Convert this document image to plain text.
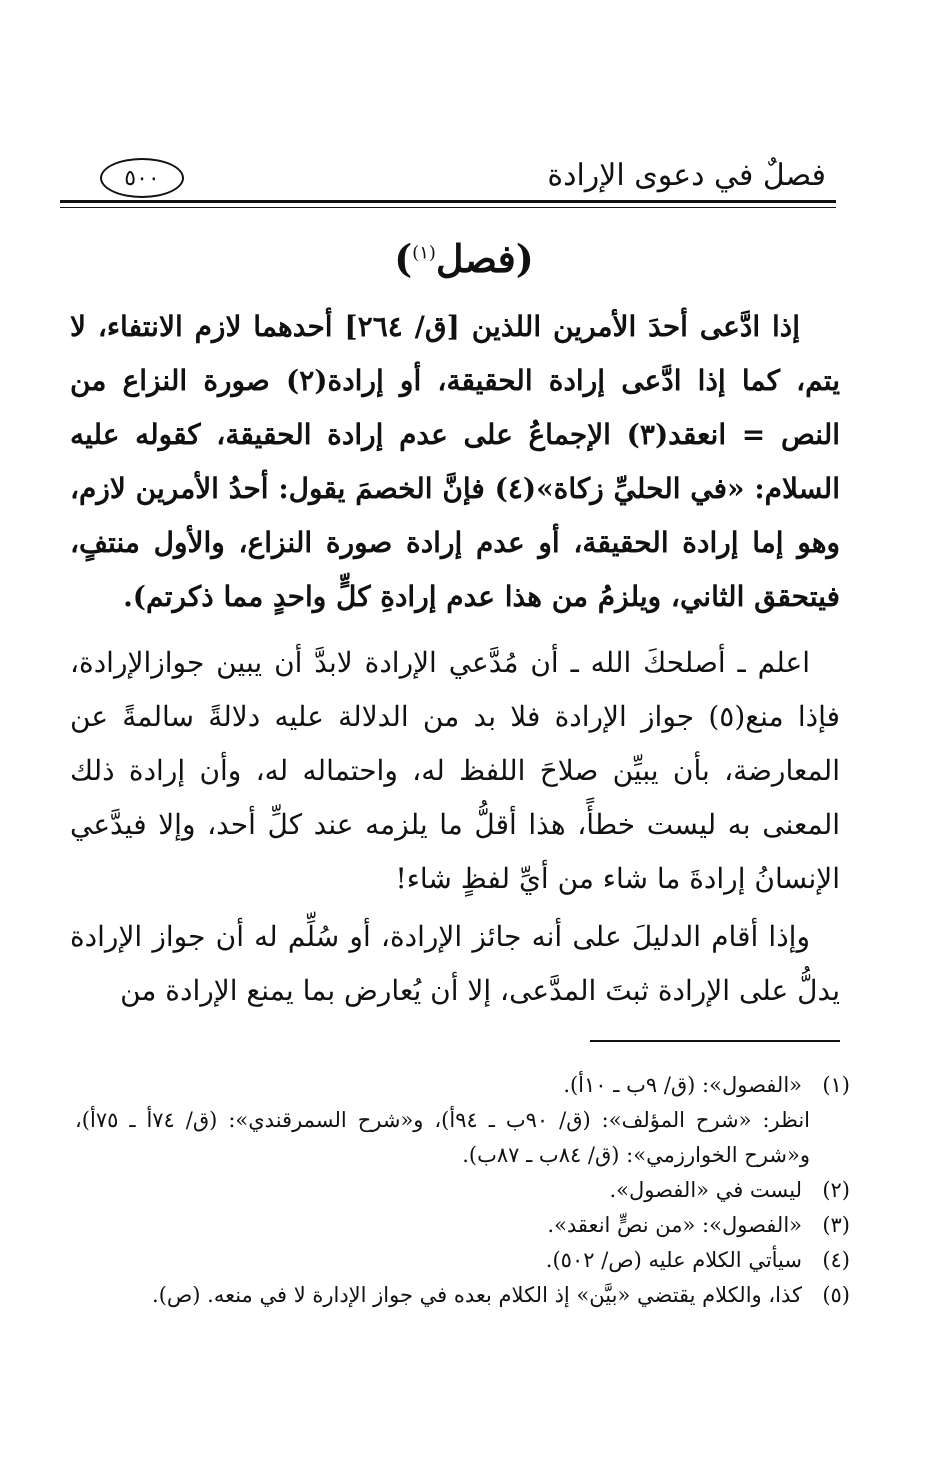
٥٠٠	فصلٌ في دعوى الإرادة
(فصل$^{(١)}$)

إذا ادَّعى أحدَ الأمرين اللذين [ق/ ٢٦٤] أحدهما لازم الانتفاء، لا يتم، كما إذا ادَّعى إرادة الحقيقة، أو إرادة(٢) صورة النزاع من النص = انعقد(٣) الإجماعُ على عدم إرادة الحقيقة، كقوله عليه السلام: «في الحليِّ زكاة»(٤) فإنَّ الخصمَ يقول: أحدُ الأمرين لازم، وهو إما إرادة الحقيقة، أو عدم إرادة صورة النزاع، والأول منتفٍ، فيتحقق الثاني، ويلزمُ من هذا عدم إرادةِ كلٍّ واحدٍ مما ذكرتم).

اعلم ـ أصلحكَ الله ـ أن مُدَّعي الإرادة لابدَّ أن يبين جوازالإرادة، فإذا منع(٥) جواز الإرادة فلا بد من الدلالة عليه دلالةً سالمةً عن المعارضة، بأن يبيِّن صلاحَ اللفظ له، واحتماله له، وأن إرادة ذلك المعنى به ليست خطأً، هذا أقلُّ ما يلزمه عند كلِّ أحد، وإلا فيدَّعي الإنسانُ إرادةَ ما شاء من أيِّ لفظٍ شاء!

وإذا أقام الدليلَ على أنه جائز الإرادة، أو سُلِّم له أن جواز الإرادة يدلُّ على الإرادة ثبتَ المدَّعى، إلا أن يُعارض بما يمنع الإرادة من

(١)
«الفصول»: (ق/ ٩ب ـ ١٠أ).
انظر: «شرح المؤلف»: (ق/ ٩٠ب ـ ٩٤أ)، و«شرح السمرقندي»: (ق/ ٧٤أ ـ ٧٥أ)، و«شرح الخوارزمي»: (ق/ ٨٤ب ـ ٨٧ب).
(٢)
ليست في «الفصول».
(٣)
«الفصول»: «من نصٍّ انعقد».
(٤)
سيأتي الكلام عليه (ص/ ٥٠٢).
(٥)
كذا، والكلام يقتضي «بيَّن» إذ الكلام بعده في جواز الإدارة لا في منعه. (ص).
